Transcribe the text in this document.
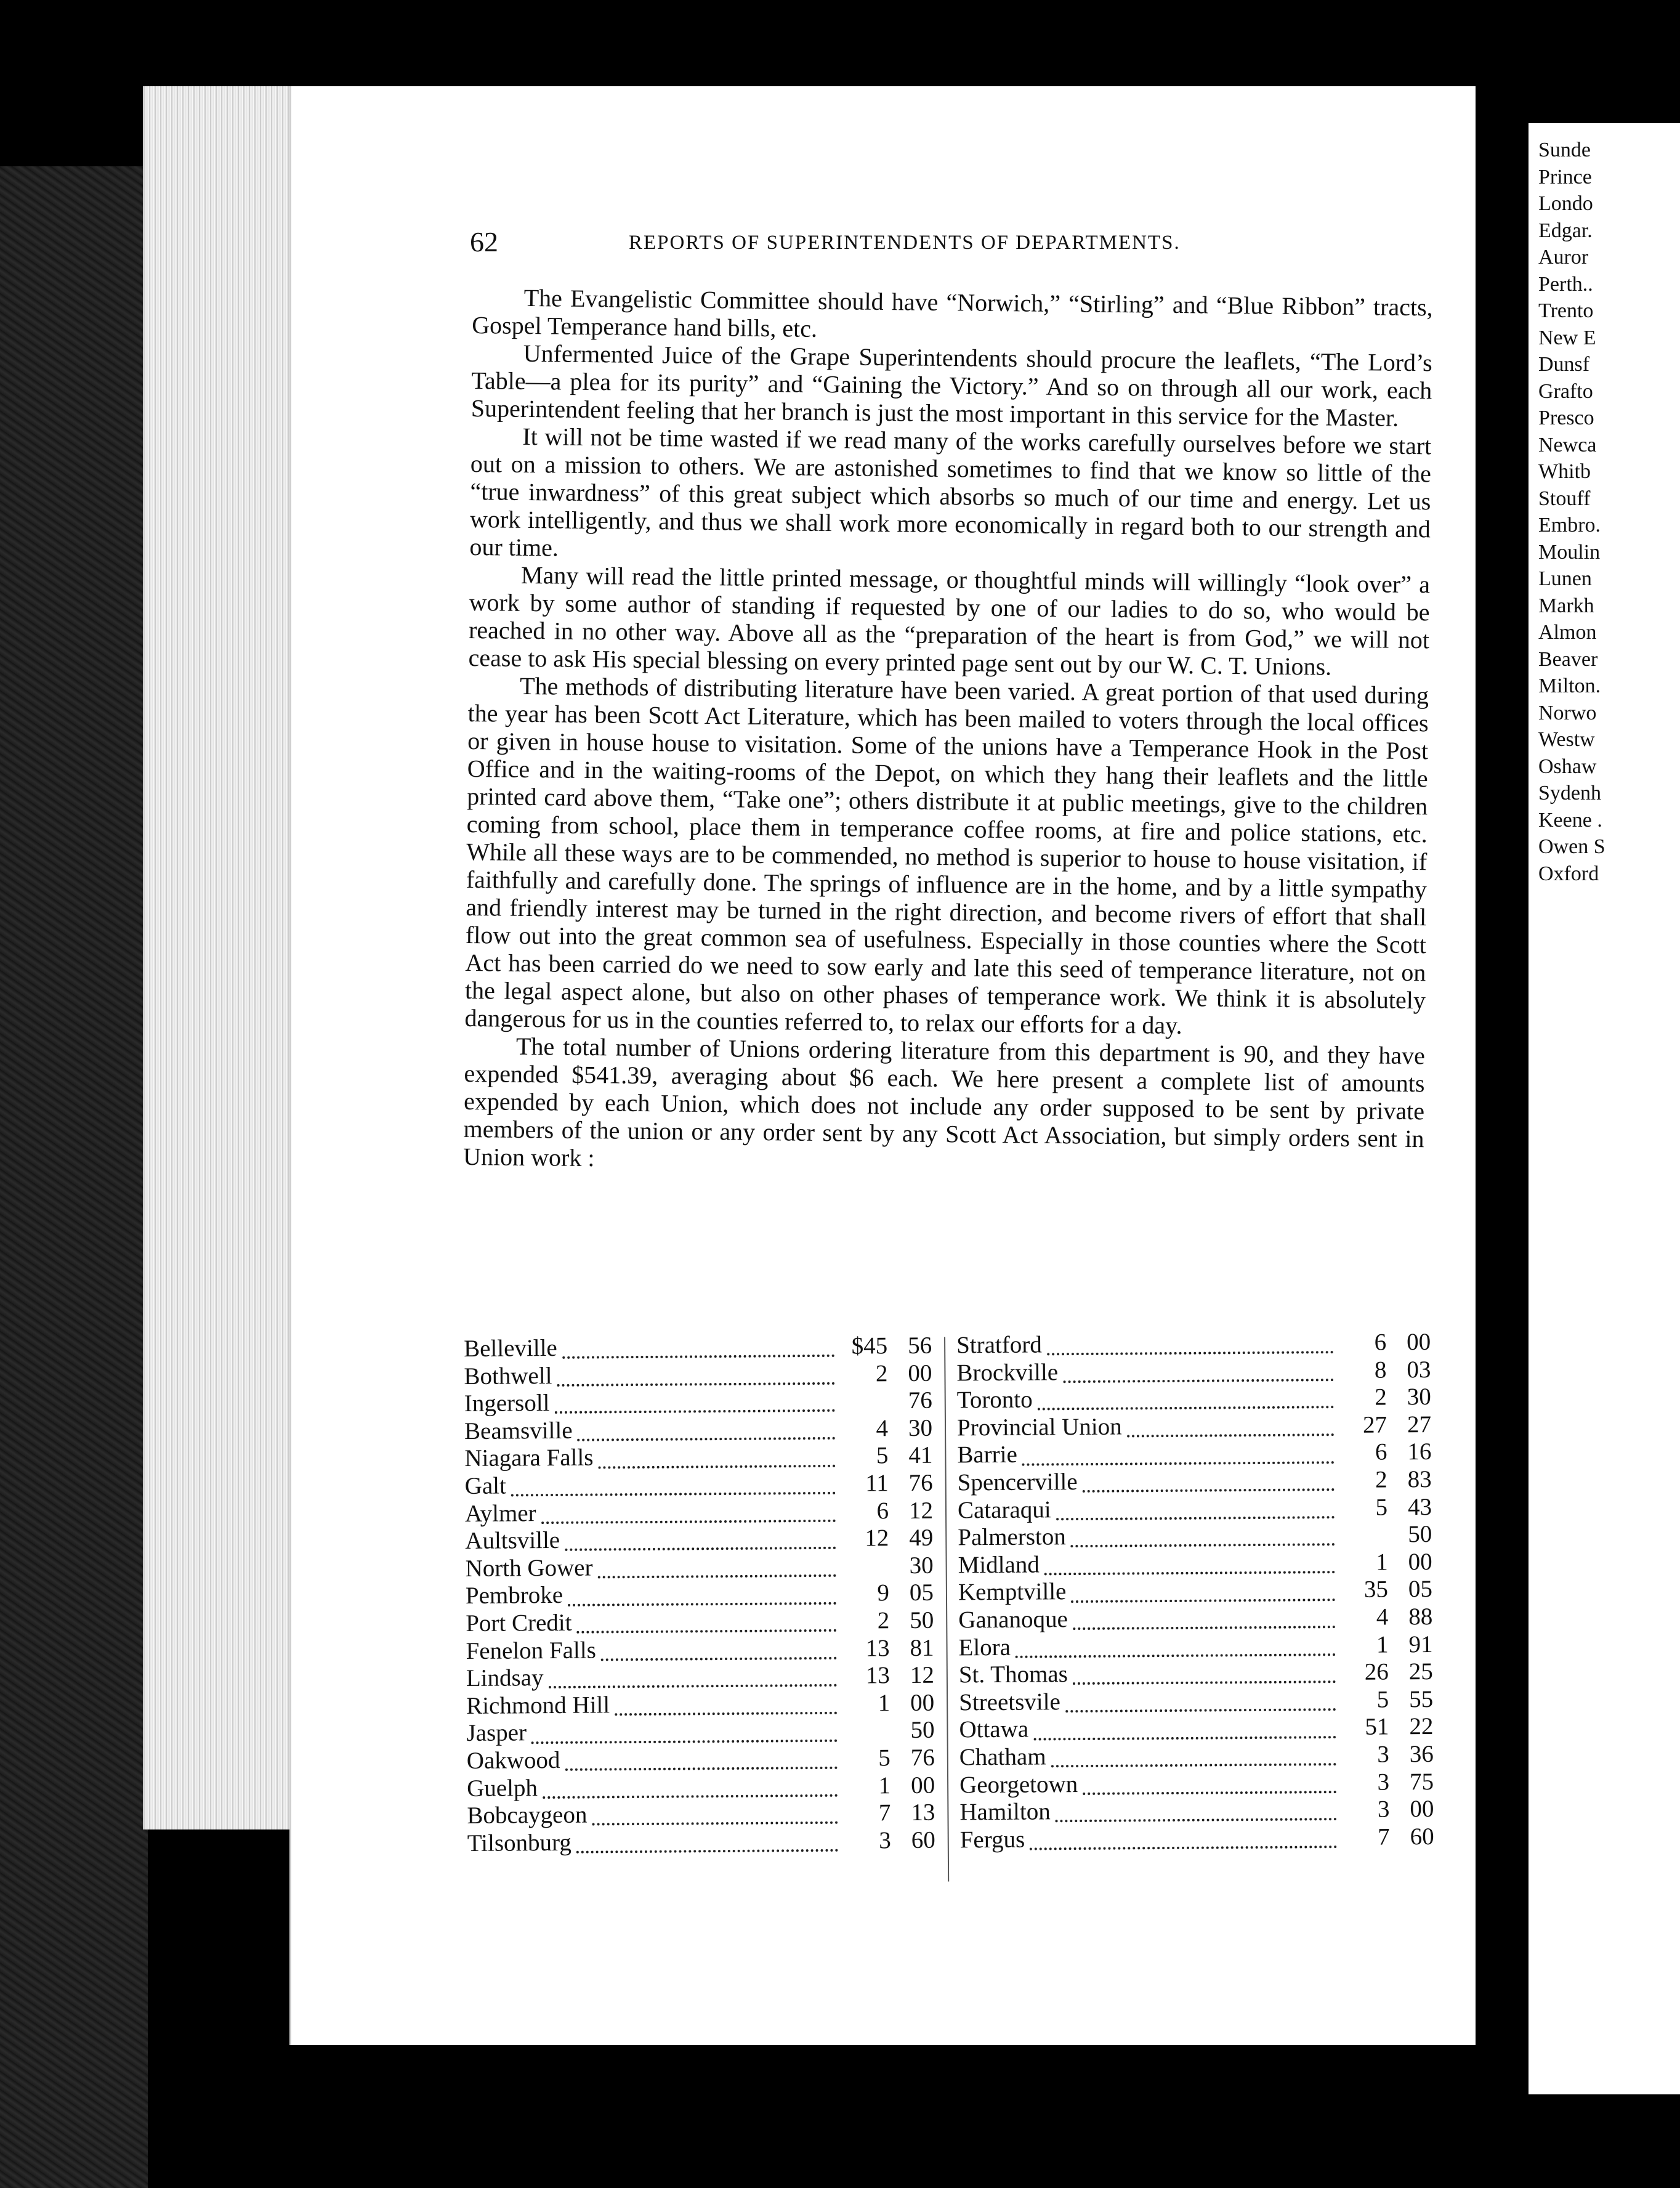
62	REPORTS OF SUPERINTENDENTS OF DEPARTMENTS.

The Evangelistic Committee should have “Norwich,” “Stirling” and “Blue Ribbon” tracts, Gospel Temperance hand bills, etc.

Unfermented Juice of the Grape Superintendents should procure the leaflets, “The Lord’s Table—a plea for its purity” and “Gaining the Victory.” And so on through all our work, each Superintendent feeling that her branch is just the most important in this service for the Master.

It will not be time wasted if we read many of the works carefully ourselves before we start out on a mission to others. We are astonished sometimes to find that we know so little of the “true inwardness” of this great subject which absorbs so much of our time and energy. Let us work intelligently, and thus we shall work more economically in regard both to our strength and our time.

Many will read the little printed message, or thoughtful minds will willingly “look over” a work by some author of standing if requested by one of our ladies to do so, who would be reached in no other way. Above all as the “preparation of the heart is from God,” we will not cease to ask His special blessing on every printed page sent out by our W. C. T. Unions.

The methods of distributing literature have been varied. A great portion of that used during the year has been Scott Act Literature, which has been mailed to voters through the local offices or given in house house to visitation. Some of the unions have a Temperance Hook in the Post Office and in the waiting-rooms of the Depot, on which they hang their leaflets and the little printed card above them, “Take one”; others distribute it at public meetings, give to the children coming from school, place them in temperance coffee rooms, at fire and police stations, etc. While all these ways are to be commended, no method is superior to house to house visitation, if faithfully and carefully done. The springs of influence are in the home, and by a little sympathy and friendly interest may be turned in the right direction, and become rivers of effort that shall flow out into the great common sea of usefulness. Especially in those counties where the Scott Act has been carried do we need to sow early and late this seed of temperance literature, not on the legal aspect alone, but also on other phases of temperance work. We think it is absolutely dangerous for us in the counties referred to, to relax our efforts for a day.

The total number of Unions ordering literature from this department is 90, and they have expended $541.39, averaging about $6 each. We here present a complete list of amounts expended by each Union, which does not include any order supposed to be sent by private members of the union or any order sent by any Scott Act Association, but simply orders sent in Union work :

Belleville	$45 56
Bothwell	2 00
Ingersoll	76
Beamsville	4 30
Niagara Falls	5 41
Galt	11 76
Aylmer	6 12
Aultsville	12 49
North Gower	30
Pembroke	9 05
Port Credit	2 50
Fenelon Falls	13 81
Lindsay	13 12
Richmond Hill	1 00
Jasper	50
Oakwood	5 76
Guelph	1 00
Bobcaygeon	7 13
Tilsonburg	3 60
Stratford	6 00
Brockville	8 03
Toronto	2 30
Provincial Union	27 27
Barrie	6 16
Spencerville	2 83
Cataraqui	5 43
Palmerston	50
Midland	1 00
Kemptville	35 05
Gananoque	4 88
Elora	1 91
St. Thomas	26 25
Streetsvile	5 55
Ottawa	51 22
Chatham	3 36
Georgetown	3 75
Hamilton	3 00
Fergus	7 60
Sunde
Prince
Londo
Edgar.
Auror
Perth..
Trento
New E
Dunsf
Grafto
Presco
Newca
Whitb
Stouff
Embro.
Moulin
Lunen
Markh
Almon
Beaver
Milton.
Norwo
Westw
Oshaw
Sydenh
Keene .
Owen S
Oxford
